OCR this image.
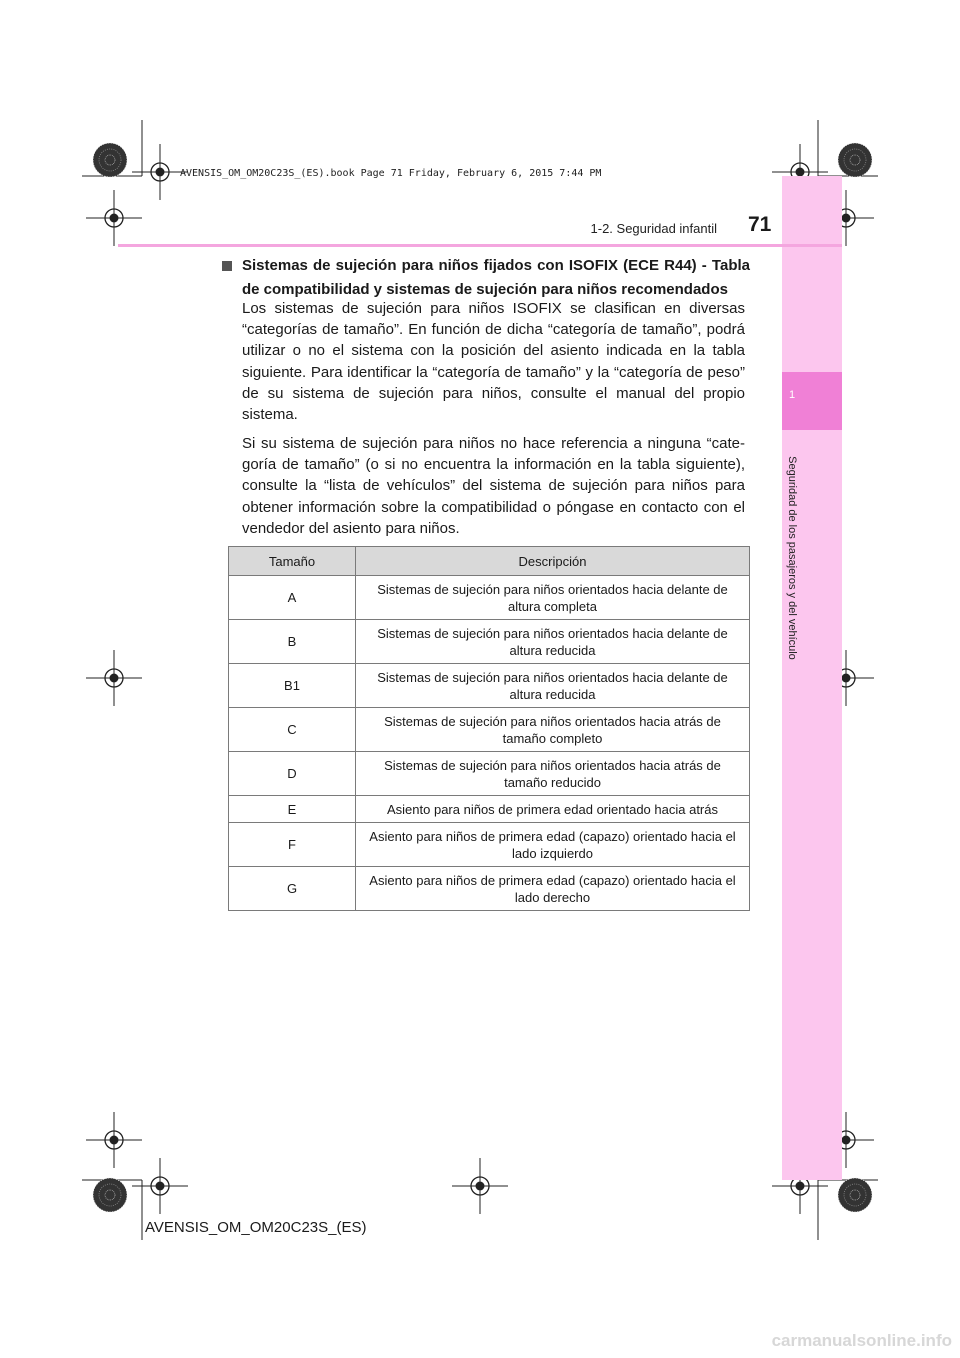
AVENSIS_OM_OM20C23S_(ES).book Page 71 Friday, February 6, 2015 7:44 PM
1
Seguridad de los pasajeros y del vehículo
1-2. Seguridad infantil 71
Sistemas de sujeción para niños fijados con ISOFIX (ECE R44) - Tabla de compatibilidad y sistemas de sujeción para niños recomendados

Los sistemas de sujeción para niños ISOFIX se clasifican en diversas “categorías de tamaño”. En función de dicha “categoría de tamaño”, podrá utilizar o no el sistema con la posición del asiento indicada en la tabla siguiente. Para identificar la “categoría de tamaño” y la “categoría de peso” de su sistema de sujeción para niños, consulte el manual del propio sistema.

Si su sistema de sujeción para niños no hace referencia a ninguna “categoría de tamaño” (o si no encuentra la información en la tabla siguiente), consulte la “lista de vehículos” del sistema de sujeción para niños para obtener información sobre la compatibilidad o póngase en contacto con el vendedor del asiento para niños.

Tamaño	Descripción
A	Sistemas de sujeción para niños orientados hacia delante de altura completa
B	Sistemas de sujeción para niños orientados hacia delante de altura reducida
B1	Sistemas de sujeción para niños orientados hacia delante de altura reducida
C	Sistemas de sujeción para niños orientados hacia atrás de tamaño completo
D	Sistemas de sujeción para niños orientados hacia atrás de tamaño reducido
E	Asiento para niños de primera edad orientado hacia atrás
F	Asiento para niños de primera edad (capazo) orientado hacia el lado izquierdo
G	Asiento para niños de primera edad (capazo) orientado hacia el lado derecho
AVENSIS_OM_OM20C23S_(ES)
carmanualsonline.info
